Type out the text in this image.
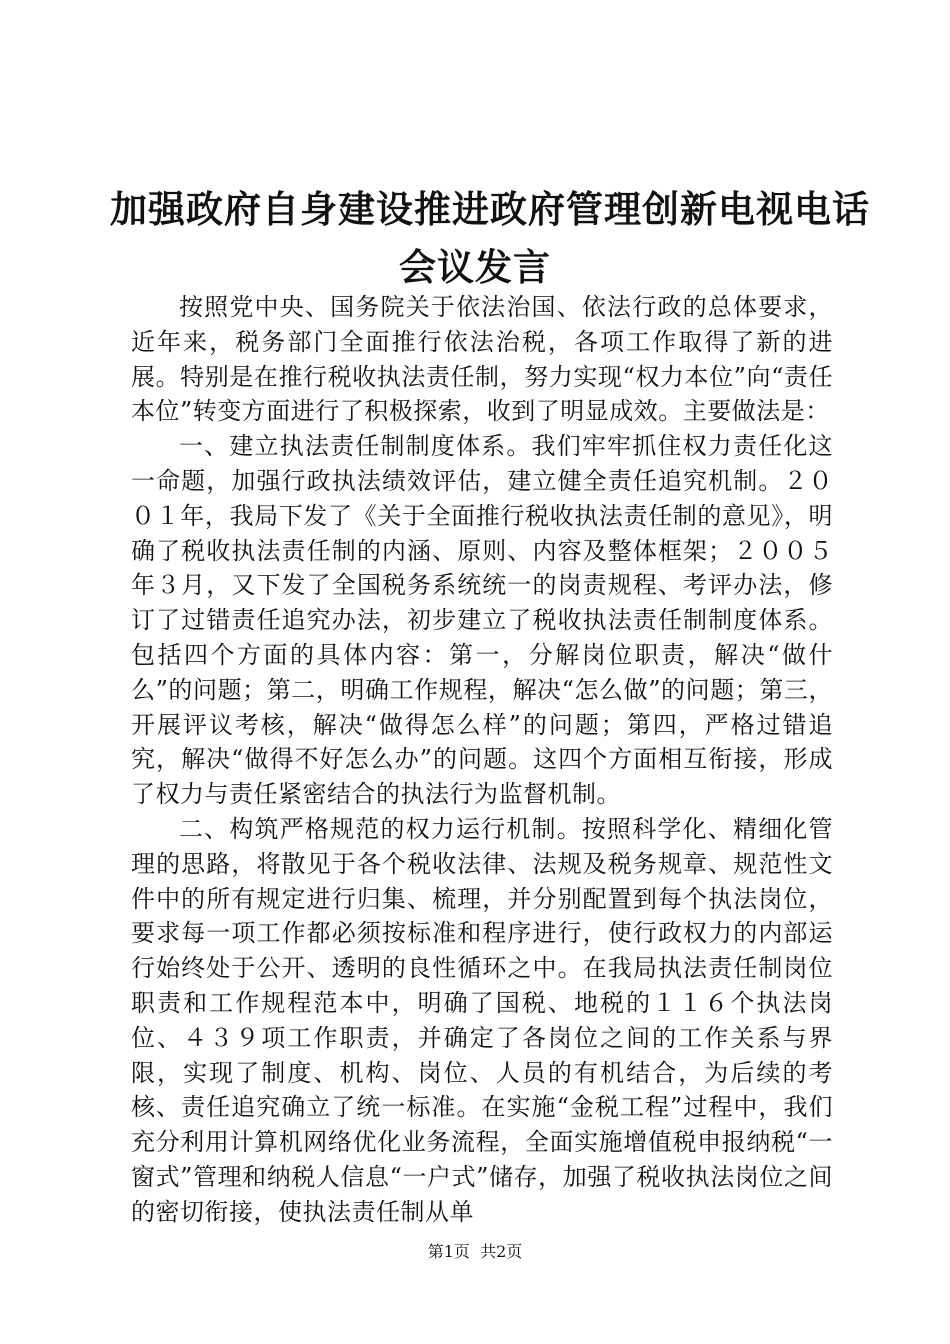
加强政府自身建设推进政府管理创新电视电话
会议发言

按照党中央、国务院关于依法治国、依法行政的总体要求，近年来，税务部门全面推行依法治税，各项工作取得了新的进展。特别是在推行税收执法责任制，努力实现“权力本位”向“责任本位”转变方面进行了积极探索，收到了明显成效。主要做法是：

一、建立执法责任制制度体系。我们牢牢抓住权力责任化这一命题，加强行政执法绩效评估，建立健全责任追究机制。２００１年，我局下发了《关于全面推行税收执法责任制的意见》，明确了税收执法责任制的内涵、原则、内容及整体框架；２００５年３月，又下发了全国税务系统统一的岗责规程、考评办法，修订了过错责任追究办法，初步建立了税收执法责任制制度体系。包括四个方面的具体内容：第一，分解岗位职责，解决“做什么”的问题；第二，明确工作规程，解决“怎么做”的问题；第三，开展评议考核，解决“做得怎么样”的问题；第四，严格过错追究，解决“做得不好怎么办”的问题。这四个方面相互衔接，形成了权力与责任紧密结合的执法行为监督机制。

二、构筑严格规范的权力运行机制。按照科学化、精细化管理的思路，将散见于各个税收法律、法规及税务规章、规范性文件中的所有规定进行归集、梳理，并分别配置到每个执法岗位，要求每一项工作都必须按标准和程序进行，使行政权力的内部运行始终处于公开、透明的良性循环之中。在我局执法责任制岗位职责和工作规程范本中，明确了国税、地税的１１６个执法岗位、４３９项工作职责，并确定了各岗位之间的工作关系与界限，实现了制度、机构、岗位、人员的有机结合，为后续的考核、责任追究确立了统一标准。在实施“金税工程”过程中，我们充分利用计算机网络优化业务流程，全面实施增值税申报纳税“一窗式”管理和纳税人信息“一户式”储存，加强了税收执法岗位之间的密切衔接，使执法责任制从单

第1页  共2页
